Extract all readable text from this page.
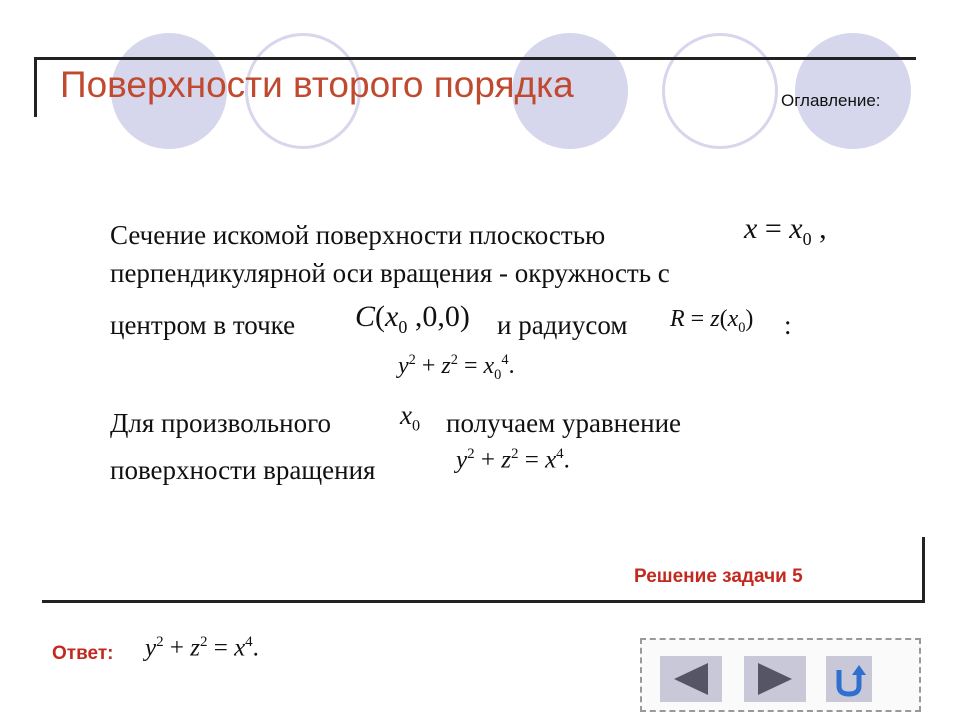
Поверхности второго порядка	Оглавление:

Сечение искомой поверхности плоскостью	$x = x_0$ ,

перпендикулярной оси вращения - окружность с

центром в точке $C(x_0$ ,0,0) и радиусом $R = z(x_0)$ :

$y^2 + z^2 = x_0^4$.

Для произвольного	$x_0$ получаем уравнение

поверхности вращения	$y^2 + z^2 = x^4$.
Решение задачи 5
Ответ: $y^2 + z^2 = x^4$.
